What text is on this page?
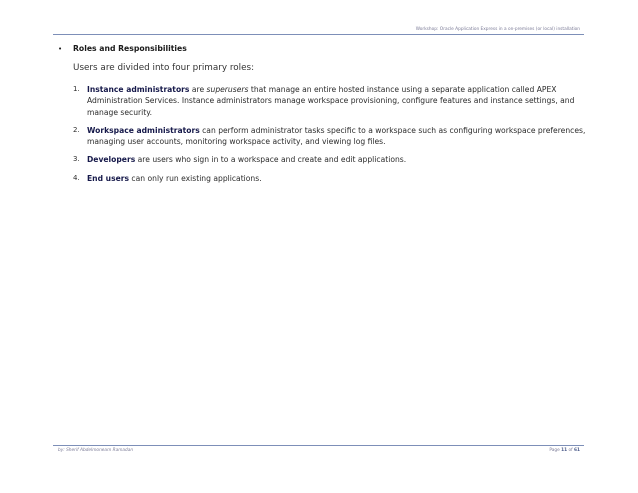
Workshop: Oracle Application Express in a on-premises (or local) installation
•	Roles and Responsibilities
Users are divided into four primary roles:
1. Instance administrators are superusers that manage an entire hosted instance using a separate application called APEX Administration Services. Instance administrators manage workspace provisioning, configure features and instance settings, and manage security.
2. Workspace administrators can perform administrator tasks specific to a workspace such as configuring workspace preferences, managing user accounts, monitoring workspace activity, and viewing log files.
3. Developers are users who sign in to a workspace and create and edit applications.
4. End users can only run existing applications.
by: Sherif Abdelmoneam Ramadan	Page 11 of 61
